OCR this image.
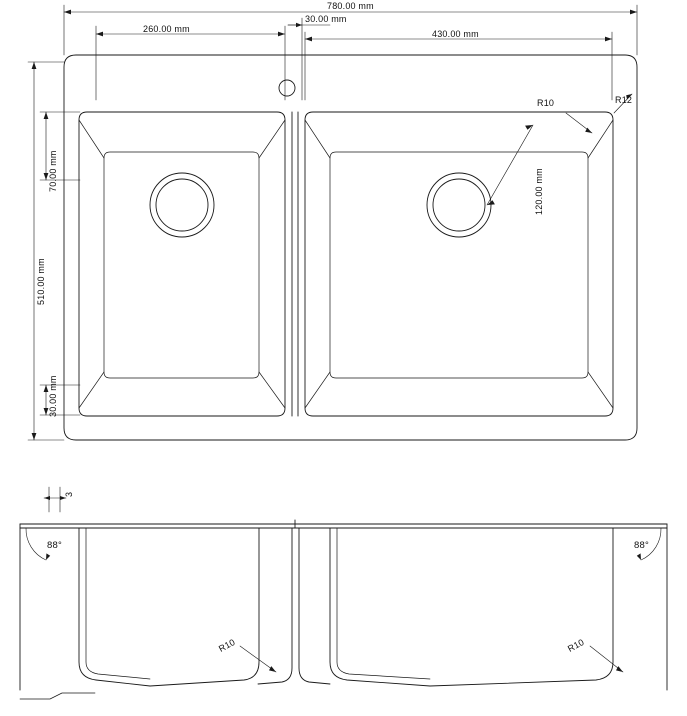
780.00 mm
260.00 mm
30.00 mm
430.00 mm
510.00 mm
70.00 mm
30.00 mm
120.00 mm
R10	R12
3
88°	88°
R10	R10
